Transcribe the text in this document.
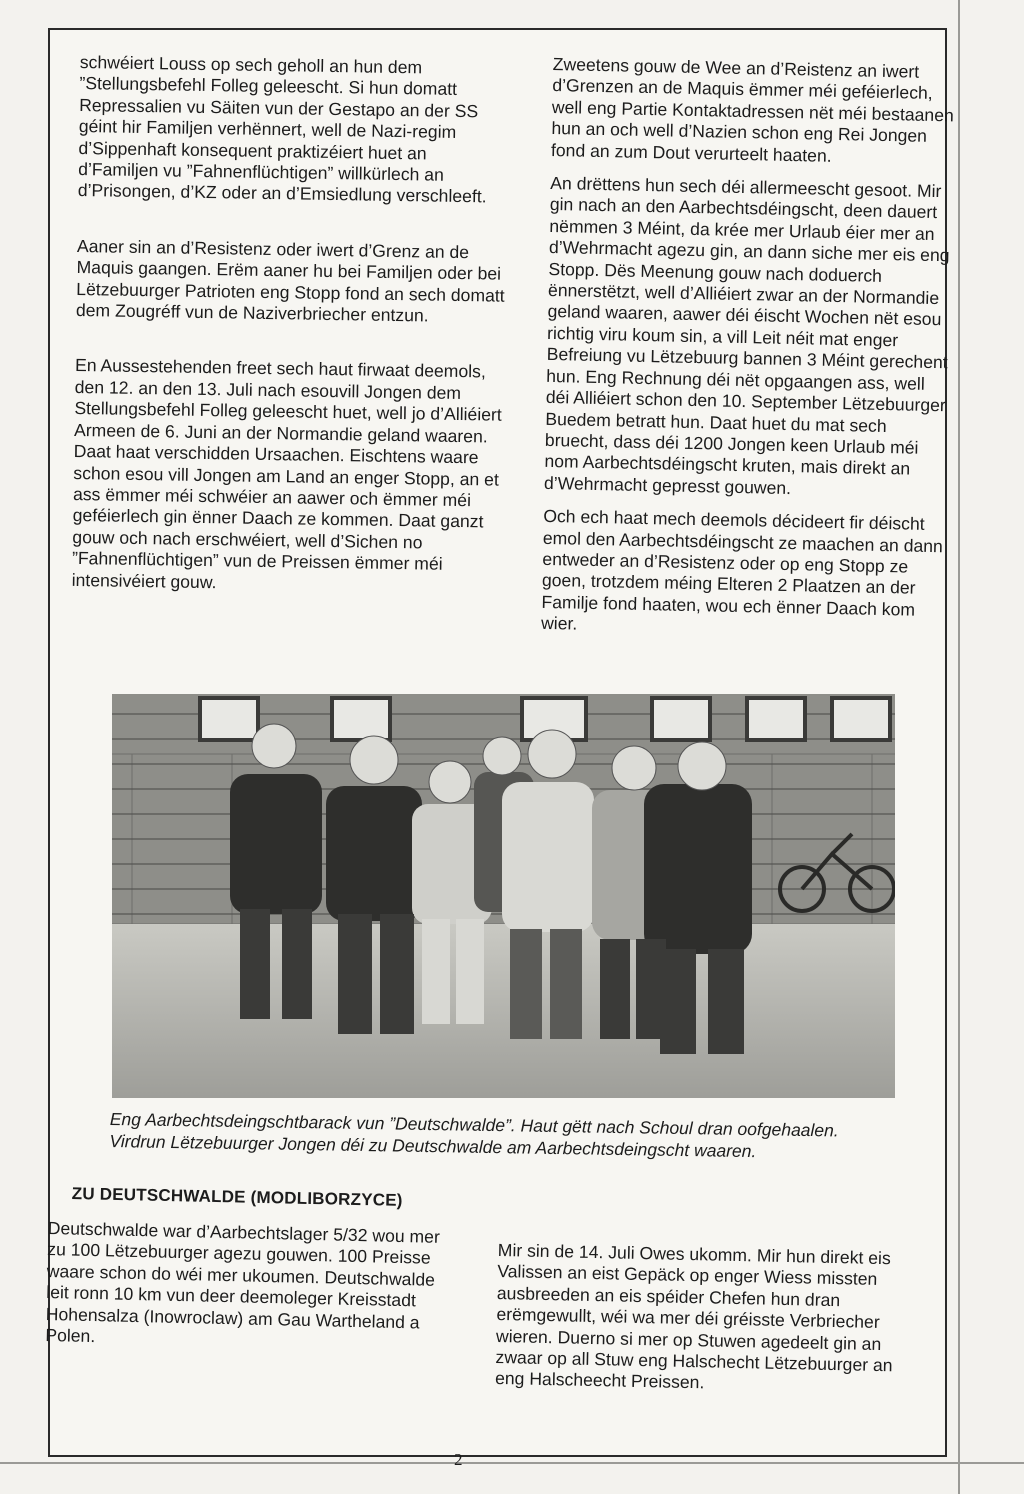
schwéiert Louss op sech geholl an hun dem ”Stellungsbefehl Folleg geleescht. Si hun domatt Repressalien vu Säiten vun der Gestapo an der SS géint hir Familjen verhënnert, well de Nazi-regim d’Sippenhaft konsequent praktizéiert huet an d’Familjen vu ”Fahnenflüchtigen” willkürlech an d’Prisongen, d’KZ oder an d’Emsiedlung verschleeft.

Aaner sin an d’Resistenz oder iwert d’Grenz an de Maquis gaangen. Erëm aaner hu bei Familjen oder bei Lëtzebuurger Patrioten eng Stopp fond an sech domatt dem Zougréff vun de Naziverbriecher entzun.

En Aussestehenden freet sech haut firwaat deemols, den 12. an den 13. Juli nach esouvill Jongen dem Stellungsbefehl Folleg geleescht huet, well jo d’Alliéiert Armeen de 6. Juni an der Normandie geland waaren. Daat haat verschidden Ursaachen. Eischtens waare schon esou vill Jongen am Land an enger Stopp, an et ass ëmmer méi schwéier an aawer och ëmmer méi geféierlech gin ënner Daach ze kommen. Daat ganzt gouw och nach erschwéiert, well d’Sichen no ”Fahnenflüchtigen” vun de Preissen ëmmer méi intensivéiert gouw.

Zweetens gouw de Wee an d’Reistenz an iwert d’Grenzen an de Maquis ëmmer méi geféierlech, well eng Partie Kontaktadressen nët méi bestaanen hun an och well d’Nazien schon eng Rei Jongen fond an zum Dout verurteelt haaten.

An drëttens hun sech déi allermeescht gesoot. Mir gin nach an den Aarbechtsdéingscht, deen dauert nëmmen 3 Méint, da krée mer Urlaub éier mer an d’Wehrmacht agezu gin, an dann siche mer eis eng Stopp. Dës Meenung gouw nach doduerch ënnerstëtzt, well d’Alliéiert zwar an der Normandie geland waaren, aawer déi éischt Wochen nët esou richtig viru koum sin, a vill Leit néit mat enger Befreiung vu Lëtzebuurg bannen 3 Méint gerechent hun. Eng Rechnung déi nët opgaangen ass, well déi Alliéiert schon den 10. September Lëtzebuurger Buedem betratt hun. Daat huet du mat sech bruecht, dass déi 1200 Jongen keen Urlaub méi nom Aarbechtsdéingscht kruten, mais direkt an d’Wehrmacht gepresst gouwen.

Och ech haat mech deemols décideert fir déischt emol den Aarbechtsdéingscht ze maachen an dann entweder an d’Resistenz oder op eng Stopp ze goen, trotzdem méing Elteren 2 Plaatzen an der Familje fond haaten, wou ech ënner Daach kom wier.

Eng Aarbechtsdeingschtbarack vun ”Deutschwalde”. Haut gëtt nach Schoul dran oofgehaalen. Virdrun Lëtzebuurger Jongen déi zu Deutschwalde am Aarbechtsdeingscht waaren.
ZU DEUTSCHWALDE (MODLIBORZYCE)

Deutschwalde war d’Aarbechtslager 5/32 wou mer zu 100 Lëtzebuurger agezu gouwen. 100 Preisse waare schon do wéi mer ukoumen. Deutschwalde leit ronn 10 km vun deer deemoleger Kreisstadt Hohensalza (Inowroclaw) am Gau Wartheland a Polen.

Mir sin de 14. Juli Owes ukomm. Mir hun direkt eis Valissen an eist Gepäck op enger Wiess missten ausbreeden an eis spéider Chefen hun dran erëmgewullt, wéi wa mer déi gréisste Verbriecher wieren. Duerno si mer op Stuwen agedeelt gin an zwaar op all Stuw eng Halschecht Lëtzebuurger an eng Halscheecht Preissen.

2
